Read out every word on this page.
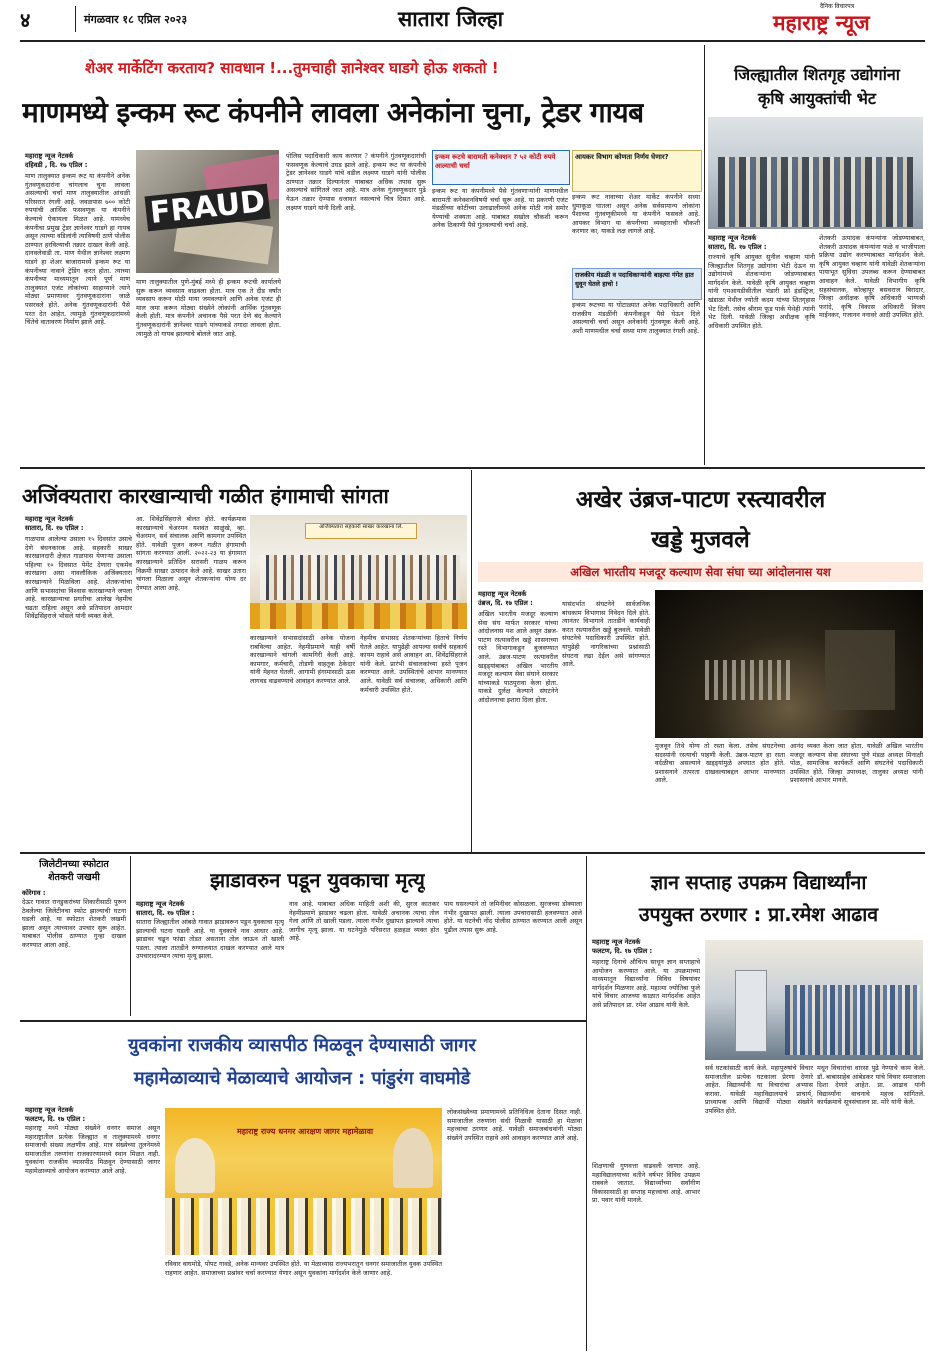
४	मंगळवार १८ एप्रिल २०२३	सातारा जिल्हा
दैनिक विचारपत्र
महाराष्ट्र न्यूज
शेअर मार्केटिंग करताय? सावधान !...तुमचाही ज्ञानेश्वर घाडगे होऊ शकतो !
माणमध्ये इन्कम रूट कंपनीने लावला अनेकांना चुना, ट्रेडर गायब
महाराष्ट्र न्यूज नेटवर्क
दहिवडी , दि. १७ एप्रिल :
माण तालुक्यात इन्कम रूट या कंपनीने अनेक गुंतवणूकदारांना चांगलाच चुना लावला असल्याची चर्चा माण तालुक्यातील आंधळी परिसरात रंगली आहे. जवळपास ७०० कोटी रुपयांची आर्थिक फसवणूक या कंपनीने केल्याचे ऐकायला मिळत आहे. यामध्येच कंपनीचा प्रमुख ट्रेडर ज्ञानेश्वर घाडगे हा गायब असून त्याच्या वडिलांनी त्याविषयी ठाणे पोलीस ठाण्यात हरविल्याची तक्रार दाखल केली आहे. दानवलेवाडी ता. माण येथील ज्ञानेश्वर लक्ष्मण घाडगे हा शेअर बाजारामध्ये इन्कम रूट या कंपनीच्या नावाने ट्रेडिंग करत होता. त्याच्या कंपनीच्या माध्यमातून त्याने पूर्ण माण तालुक्यात एजंट लोकांच्या साहाय्याने त्याने मोठ्या प्रमाणावर गुंतवणूकदारांना जाळे पसरवले होते. अनेक गुंतवणूकदारांनी पैसे परत देत आहेत. त्यामुळे गुंतवणूकदारांमध्ये चिंतेचे वातावरण निर्माण झाले आहे.
FRAUD
माण तालुक्यातील पुणे-मुंबई मध्ये ही इन्कम रूटची कार्यालये सुरू करून व्यवसाय वाढवला होता. मात्र एक ते दीड वर्षांत व्यवसाय करून मोठी माया जमवल्याने आणि अनेक एजंट ही माल जमा करून मोठ्या संख्येने लोकांनी आर्थिक गुंतवणूक केली होती. मात्र कंपनीने अचानक पैसे परत देणे बंद केल्याने गुंतवणूकदारांनी ज्ञानेश्वर घाडगे यांच्याकडे तगादा लावला होता. त्यामुळे तो गायब झाल्याचे बोलले जात आहे.
पोलिस पदाधिकारी काय करणार ? कंपनीने गुंतवणूकदारांची फसवणूक केल्याचे उघड झाले आहे. इन्कम रूट या कंपनीचे ट्रेडर ज्ञानेश्वर घाडगे यांचे वडील लक्ष्मण घाडगे यांनी पोलीस ठाण्यात तक्रार दिल्यानंतर याबाबत अधिक तपास सुरू असल्याचे सांगितले जात आहे. मात्र अनेक गुंतवणूकदार पुढे येऊन तक्रार देण्यास धजावत नसल्याचे चित्र दिसत आहे. लक्ष्मण घाडगे यांनी दिली आहे.
इन्कम रूटचे बारामती कनेक्शन ? ५२ कोटी रुपये आल्याची चर्चा
इन्कम रूट या कंपनीमध्ये पैसे गुंतवणाऱ्यांनी माणमधील बारामती कनेक्शनविषयी चर्चा सुरू आहे. या प्रकरणी एजंट मंडळींच्या कोटींच्या उलाढालीमध्ये अनेक मोठी नावे समोर येण्याची शक्यता आहे. याबाबत सखोल चौकशी करून अनेक ठिकाणी पैसे गुंतवल्याची चर्चा आहे.
आयकर विभाग कोणता निर्णय घेणार?
इन्कम रूट नावाच्या शेअर मार्केट कंपनीने सध्या धुमाकूळ घातला असून अनेक सर्वसामान्य लोकांना पैशाच्या गुंतवणूकीमध्ये या कंपनीने फसवले आहे. आयकर विभाग या कंपनीच्या व्यवहाराची चौकशी करणार का, याकडे लक्ष लागले आहे.
राजकीय मंडळी व पदाधिकाऱ्यांनी बाहत्या गंगेत हात धुवून घेतले हाचो !
इन्कम रूटच्या या घोटाळ्यात अनेक पदाधिकारी आणि राजकीय मंडळींनी कंपनीकडून पैसे घेऊन दिले असल्याची चर्चा असून अनेकांनी गुंतवणूक केली आहे. अशी माणमधील चर्चा सध्या माण तालुक्यात रंगली आहे.
जिल्ह्यातील शितगृह उद्योगांना
कृषि आयुक्तांची भेट
महाराष्ट्र न्यूज नेटवर्क
सातारा, दि. १७ एप्रिल :
राज्याचे कृषि आयुक्त सुनील चव्हाण यांनी जिल्ह्यातील शितगृह उद्योगांना भेटी देऊन या उद्योगांमध्ये शेतकऱ्यांना जोडण्याबाबत मार्गदर्शन केले. यावेळी कृषि आयुक्त चव्हाण यांनी एमआयडीसीतील भंडारी फ्रो इंडस्ट्रिज, खंडाळा येथील ज्योती कदम यांच्या शितगृहास भेट दिली. तसेच श्रीराम फूड पार्क येथेही त्यांनी भेट दिली. यावेळी जिल्हा अधीक्षक कृषि अधिकारी उपस्थित होते.
शेतकरी उत्पादक कंपन्यांना जोडण्याबाबत, शेतकरी उत्पादक कंपन्यांना फळे व भाजीपाला प्रक्रिया उद्योग करण्याबाबत मार्गदर्शन केले. कृषि आयुक्त चव्हाण यांनी यावेळी शेतकऱ्यांना पायाभूत सुविधा उपलब्ध करून देण्याबाबत आवाहन केले. यावेळी विभागीय कृषि सहसंचालक, कोल्हापूर बसवराज बिरादार, जिल्हा अधीक्षक कृषि अधिकारी भाग्यश्री फरांदे, कृषि विकास अधिकारी विजय माईनकर, गजानन ननावरे आदी उपस्थित होते.
अजिंक्यतारा कारखान्याची गळीत हंगामाची सांगता
महाराष्ट्र न्यूज नेटवर्क
सातारा, दि. १७ एप्रिल :
गाळपास आलेल्या उसाला १५ दिवसांत उसाचे देणे बंधनकारक आहे. सहकारी साखर कारखानदारी क्षेत्रात गाळपास येणाऱ्या उसाला पहिल्या १० दिवसात पेमेंट देणारा एकमेव कारखाना असा नावलौकिक अजिंक्यतारा कारखान्याने मिळविला आहे. शेतकऱ्यांचा आणि सभासदांचा विश्वास कारखान्याने जपला आहे. कारखान्याचा प्रगतीचा आलेख नेहमीच चढता राहिला असून असे प्रतिपादन आमदार शिवेंद्रसिंहराजे भोसले यांनी व्यक्त केले.
आ. शिवेंद्रसिंहराजे बोलत होते. कार्यक्रमास कारखान्याचे चेअरमन यशवंत साळुंखे, व्हा. चेअरमन, सर्व संचालक आणि कामगार उपस्थित होते. यावेळी पूजन करून गळीत हंगामाची सांगता करण्यात आली. २०२२-२३ या हंगामात कारखान्याने प्रतिदिन सरासरी गाळप करून विक्रमी साखर उत्पादन केले आहे. साखर उतारा चांगला मिळाला असून शेतकऱ्यांना योग्य दर देण्यात आला आहे.
अजिंक्यतारा सहकारी साखर कारखाना लि.
कारखान्याने सभासदांसाठी अनेक योजना राबविल्या आहेत. नेहमीप्रमाणे याही वर्षी कारखान्याने चांगली कामगिरी केली आहे. कामगार, कर्मचारी, तोडणी वाहतूक ठेकेदार यांनी मेहनत घेतली. आगामी हंगामासाठी ऊस लागवड वाढवण्याचे आवाहन करण्यात आले.
नेहमीच सभासद शेतकऱ्यांच्या हिताचे निर्णय घेतले आहेत. यापुढेही आपल्या सर्वांचे सहकार्य कायम राहावे असे आवाहन आ. शिवेंद्रसिंहराजे यांनी केले. प्रारंभी संचालकांच्या हस्ते पूजन करण्यात आले. उपस्थितांचे आभार मानण्यात आले. यावेळी सर्व संचालक, अधिकारी आणि कर्मचारी उपस्थित होते.
अखेर उंब्रज-पाटण रस्त्यावरील
खड्डे मुजवले
अखिल भारतीय मजदूर कल्याण सेवा संघा च्या आंदोलनास यश
महाराष्ट्र न्यूज नेटवर्क
उंब्रज, दि. १७ एप्रिल :
अखिल भारतीय मजदूर कल्याण सेवा संघ मार्फत सरकार यांच्या आंदोलनास यश आले असून उंब्रज-पाटण रस्त्यावरील खड्डे शासनाच्या रस्ते विभागाकडून बुजवण्यात आले. उंब्रज-पाटण रस्त्यावरील खड्ड्यांबाबत अखिल भारतीय मजदूर कल्याण सेवा संघाने सरकार यांच्याकडे पाठपुरावा केला होता. याकडे दुर्लक्ष केल्याने संघटनेने आंदोलनाचा इशारा दिला होता.
यासंदर्भात संघटनेने सार्वजनिक बांधकाम विभागास निवेदन दिले होते. त्यानंतर विभागाने तातडीने कार्यवाही करत रस्त्यावरील खड्डे बुजवले. यावेळी संघटनेचे पदाधिकारी उपस्थित होते. यापुढेही नागरिकांच्या प्रश्नांसाठी संघटना लढा देईल असे सांगण्यात आले.
मुजवून तिथे योग्य तो रस्ता केला. तसेच संघटनेच्या सदस्यांनी रस्त्याची पाहणी केली. उंब्रज-पाटण हा रस्ता वर्दळीचा असल्याने खड्ड्यांमुळे अपघात होत होते. प्रशासनाने तत्परता दाखवल्याबद्दल आभार मानण्यात आले.
आनंद व्यक्त केला जात होता. यावेळी अखिल भारतीय मजदूर कल्याण सेवा संघाच्या पुणे मंडळ अध्यक्ष मिनाक्षी पोळ, सामाजिक कार्यकर्ते आणि संघटनेचे पदाधिकारी उपस्थित होते. जिल्हा उपाध्यक्ष, तालुका अध्यक्ष यांनी प्रशासनाचे आभार मानले.
जिलेटीनच्या स्फोटात
शेतकरी जखमी
कोरेगाव :
देऊर गावात रानडुकरांच्या शिकारीसाठी पुरून ठेवलेल्या जिलेटीनचा स्फोट झाल्याची घटना घडली आहे. या स्फोटात शेतकरी जखमी झाला असून त्याच्यावर उपचार सुरू आहेत. याबाबत पोलीस ठाण्यात गुन्हा दाखल करण्यात आला आहे.
झाडावरुन पडून युवकाचा मृत्यू
महाराष्ट्र न्यूज नेटवर्क
सातारा, दि. १७ एप्रिल :
सातारा जिल्ह्यातील आंबळे गावात झाडावरून पडून युवकाचा मृत्यू झाल्याची घटना घडली आहे. या युवकाचे नाव आधार आहे. झाडावर चढून फांद्या तोडत असताना तोल जाऊन तो खाली पडला. त्याला तातडीने रुग्णालयात दाखल करण्यात आले मात्र उपचारादरम्यान त्याचा मृत्यू झाला.
नाव आहे. याबाबत अधिक माहिती अशी की, सुरज कातकर नेहमीप्रमाणे झाडावर चढला होता. यावेळी अचानक त्याचा तोल गेला आणि तो खाली पडला. त्याला गंभीर दुखापत झाल्याने त्याचा जागीच मृत्यू झाला. या घटनेमुळे परिसरात हळहळ व्यक्त होत आहे.
पाय घसरल्याने तो जमिनीवर कोसळला. सुरजच्या डोक्याला गंभीर दुखापत झाली. त्याला उपचारासाठी हलवण्यात आले होते. या घटनेची नोंद पोलीस ठाण्यात करण्यात आली असून पुढील तपास सुरू आहे.
ज्ञान सप्ताह उपक्रम विद्यार्थ्यांना
उपयुक्त ठरणार : प्रा.रमेश आढाव
महाराष्ट्र न्यूज नेटवर्क
फलटण, दि. १७ एप्रिल :
महाराष्ट्र दिनाचे औचित्य साधून ज्ञान सप्ताहाचे आयोजन करण्यात आले. या उपक्रमाच्या माध्यमातून विद्यार्थ्यांना विविध विषयांवर मार्गदर्शन मिळणार आहे. महात्मा ज्योतिबा फुले यांचे विचार आजच्या काळात मार्गदर्शक आहेत असे प्रतिपादन प्रा. रमेश आढाव यांनी केले.
सर्व घटकांसाठी कार्य केले. महापुरुषांचे विचार समाजातील प्रत्येक घटकाला प्रेरणा देणारे आहेत. विद्यार्थ्यांनी या विचारांचा अभ्यास करावा. यावेळी महाविद्यालयाचे प्राचार्य, प्राध्यापक आणि विद्यार्थी मोठ्या संख्येने उपस्थित होते.
मधून विचारांचा वारसा पुढे नेण्याचे काम केले. डॉ. बाबासाहेब आंबेडकर यांचे विचार समाजाला दिशा देणारे आहेत. प्रा. आढाव यांनी विद्यार्थ्यांना वाचनाचे महत्त्व सांगितले. कार्यक्रमाचे सूत्रसंचालन प्रा. मोरे यांनी केले.
शिक्षणाची गुणवत्ता वाढवली जाणार आहे. महाविद्यालयाच्या वतीने वर्षभर विविध उपक्रम राबवले जातात. विद्यार्थ्यांच्या सर्वांगीण विकासासाठी हा सप्ताह महत्त्वाचा आहे. आभार प्रा. पवार यांनी मानले.
युवकांना राजकीय व्यासपीठ मिळवून देण्यासाठी जागर
महामेळाव्याचे मेळाव्याचे आयोजन : पांडुरंग वाघमोडे
महाराष्ट्र न्यूज नेटवर्क
फलटण, दि. १७ एप्रिल :
महाराष्ट्र मध्ये मोठ्या संख्येने धनगर समाज असून महाराष्ट्रातील प्रत्येक जिल्ह्यात व तालुक्यामध्ये धनगर समाजाची संख्या लक्षणीय आहे. मात्र संख्येच्या तुलनेमध्ये समाजातील तरुणांना राजकारणामध्ये स्थान मिळत नाही. युवकांना राजकीय व्यासपीठ मिळवून देण्यासाठी जागर महामेळाव्याचे आयोजन करण्यात आले आहे.
महाराष्ट्र राज्य धनगर आरक्षण जागर महामेळावा
रविवार वाघमोडे, पोपट गावडे, अनेक मान्यवर उपस्थित होते. या मेळाव्यास राज्यभरातून धनगर समाजातील युवक उपस्थित राहणार आहेत. समाजाच्या प्रश्नांवर चर्चा करण्यात येणार असून युवकांना मार्गदर्शन केले जाणार आहे.
लोकसंख्येच्या प्रमाणामध्ये प्रतिनिधित्व देताना दिसत नाही. समाजातील तरुणांना संधी मिळावी यासाठी हा मेळावा महत्त्वाचा ठरणार आहे. यावेळी समाजबांधवांनी मोठ्या संख्येने उपस्थित राहावे असे आवाहन करण्यात आले आहे.
